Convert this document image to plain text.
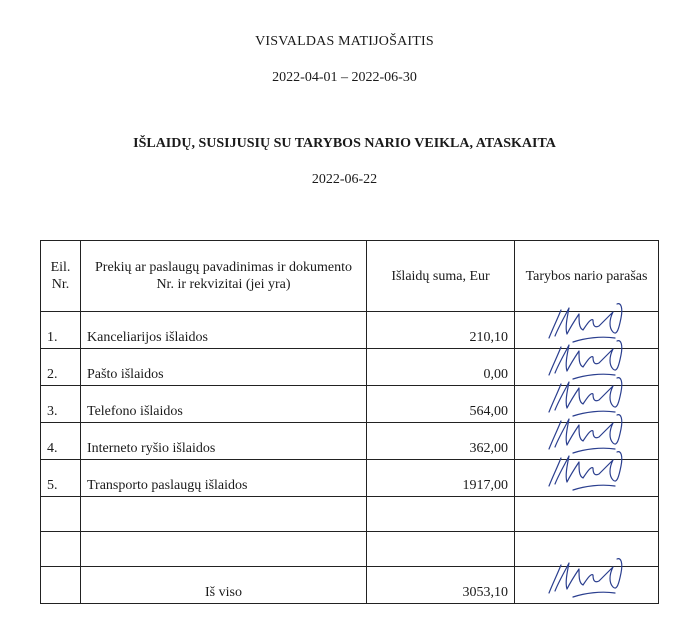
VISVALDAS MATIJOŠAITIS
2022-04-01 – 2022-06-30
IŠLAIDŲ, SUSIJUSIŲ SU TARYBOS NARIO VEIKLA, ATASKAITA
2022-06-22
Eil. Nr.	Prekių ar paslaugų pavadinimas ir dokumento Nr. ir rekvizitai (jei yra)	Išlaidų suma, Eur	Tarybos nario parašas
1.	Kanceliarijos išlaidos	210,10	

2.	Pašto išlaidos	0,00	

3.	Telefono išlaidos	564,00	

4.	Interneto ryšio išlaidos	362,00	

5.	Transporto paslaugų išlaidos	1917,00	

	Iš viso	3053,10	
